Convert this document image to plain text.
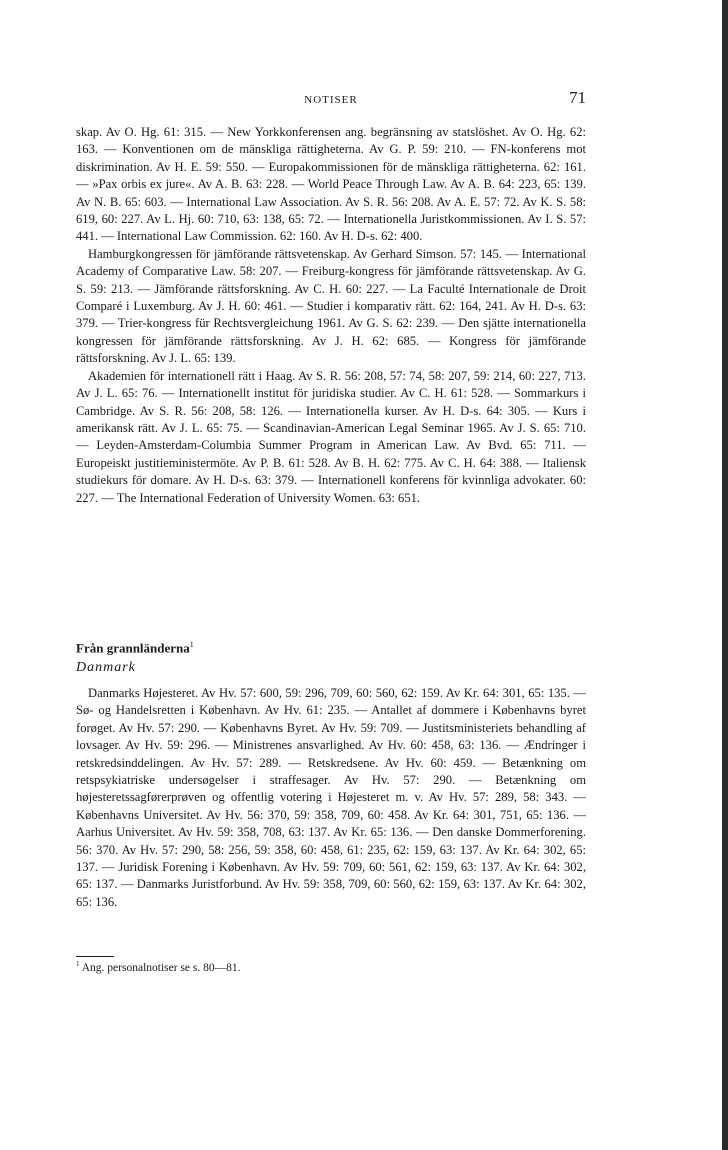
NOTISER	71

skap. Av O. Hg. 61: 315. — New Yorkkonferensen ang. begränsning av statslöshet. Av O. Hg. 62: 163. — Konventionen om de mänskliga rättigheterna. Av G. P. 59: 210. — FN-konferens mot diskrimination. Av H. E. 59: 550. — Europakommissionen för de mänskliga rättigheterna. 62: 161. — »Pax orbis ex jure«. Av A. B. 63: 228. — World Peace Through Law. Av A. B. 64: 223, 65: 139. Av N. B. 65: 603. — International Law Association. Av S. R. 56: 208. Av A. E. 57: 72. Av K. S. 58: 619, 60: 227. Av L. Hj. 60: 710, 63: 138, 65: 72. — Internationella Juristkommissionen. Av I. S. 57: 441. — International Law Commission. 62: 160. Av H. D-s. 62: 400.

Hamburgkongressen för jämförande rättsvetenskap. Av Gerhard Simson. 57: 145. — International Academy of Comparative Law. 58: 207. — Freiburg-kongress för jämförande rättsvetenskap. Av G. S. 59: 213. — Jämförande rättsforskning. Av C. H. 60: 227. — La Faculté Internationale de Droit Comparé i Luxemburg. Av J. H. 60: 461. — Studier i komparativ rätt. 62: 164, 241. Av H. D-s. 63: 379. — Trier-kongress für Rechtsvergleichung 1961. Av G. S. 62: 239. — Den sjätte internationella kongressen för jämförande rättsforskning. Av J. H. 62: 685. — Kongress för jämförande rättsforskning. Av J. L. 65: 139.

Akademien för internationell rätt i Haag. Av S. R. 56: 208, 57: 74, 58: 207, 59: 214, 60: 227, 713. Av J. L. 65: 76. — Internationellt institut för juridiska studier. Av C. H. 61: 528. — Sommarkurs i Cambridge. Av S. R. 56: 208, 58: 126. — Internationella kurser. Av H. D-s. 64: 305. — Kurs i amerikansk rätt. Av J. L. 65: 75. — Scandinavian-American Legal Seminar 1965. Av J. S. 65: 710. — Leyden-Amsterdam-Columbia Summer Program in American Law. Av Bvd. 65: 711. — Europeiskt justitieministermöte. Av P. B. 61: 528. Av B. H. 62: 775. Av C. H. 64: 388. — Italiensk studiekurs för domare. Av H. D-s. 63: 379. — Internationell konferens för kvinnliga advokater. 60: 227. — The International Federation of University Women. 63: 651.

Från grannländerna$^1$
Danmark

Danmarks Højesteret. Av Hv. 57: 600, 59: 296, 709, 60: 560, 62: 159. Av Kr. 64: 301, 65: 135. — Sø- og Handelsretten i København. Av Hv. 61: 235. — Antallet af dommere i Københavns byret forøget. Av Hv. 57: 290. — Københavns Byret. Av Hv. 59: 709. — Justitsministeriets behandling af lovsager. Av Hv. 59: 296. — Ministrenes ansvarlighed. Av Hv. 60: 458, 63: 136. — Ændringer i retskredsinddelingen. Av Hv. 57: 289. — Retskredsene. Av Hv. 60: 459. — Betænkning om retspsykiatriske undersøgelser i straffesager. Av Hv. 57: 290. — Betænkning om højesteretssagførerprøven og offentlig votering i Højesteret m. v. Av Hv. 57: 289, 58: 343. — Københavns Universitet. Av Hv. 56: 370, 59: 358, 709, 60: 458. Av Kr. 64: 301, 751, 65: 136. — Aarhus Universitet. Av Hv. 59: 358, 708, 63: 137. Av Kr. 65: 136. — Den danske Dommerforening. 56: 370. Av Hv. 57: 290, 58: 256, 59: 358, 60: 458, 61: 235, 62: 159, 63: 137. Av Kr. 64: 302, 65: 137. — Juridisk Forening i København. Av Hv. 59: 709, 60: 561, 62: 159, 63: 137. Av Kr. 64: 302, 65: 137. — Danmarks Juristforbund. Av Hv. 59: 358, 709, 60: 560, 62: 159, 63: 137. Av Kr. 64: 302, 65: 136.

$^1$ Ang. personalnotiser se s. 80—81.
